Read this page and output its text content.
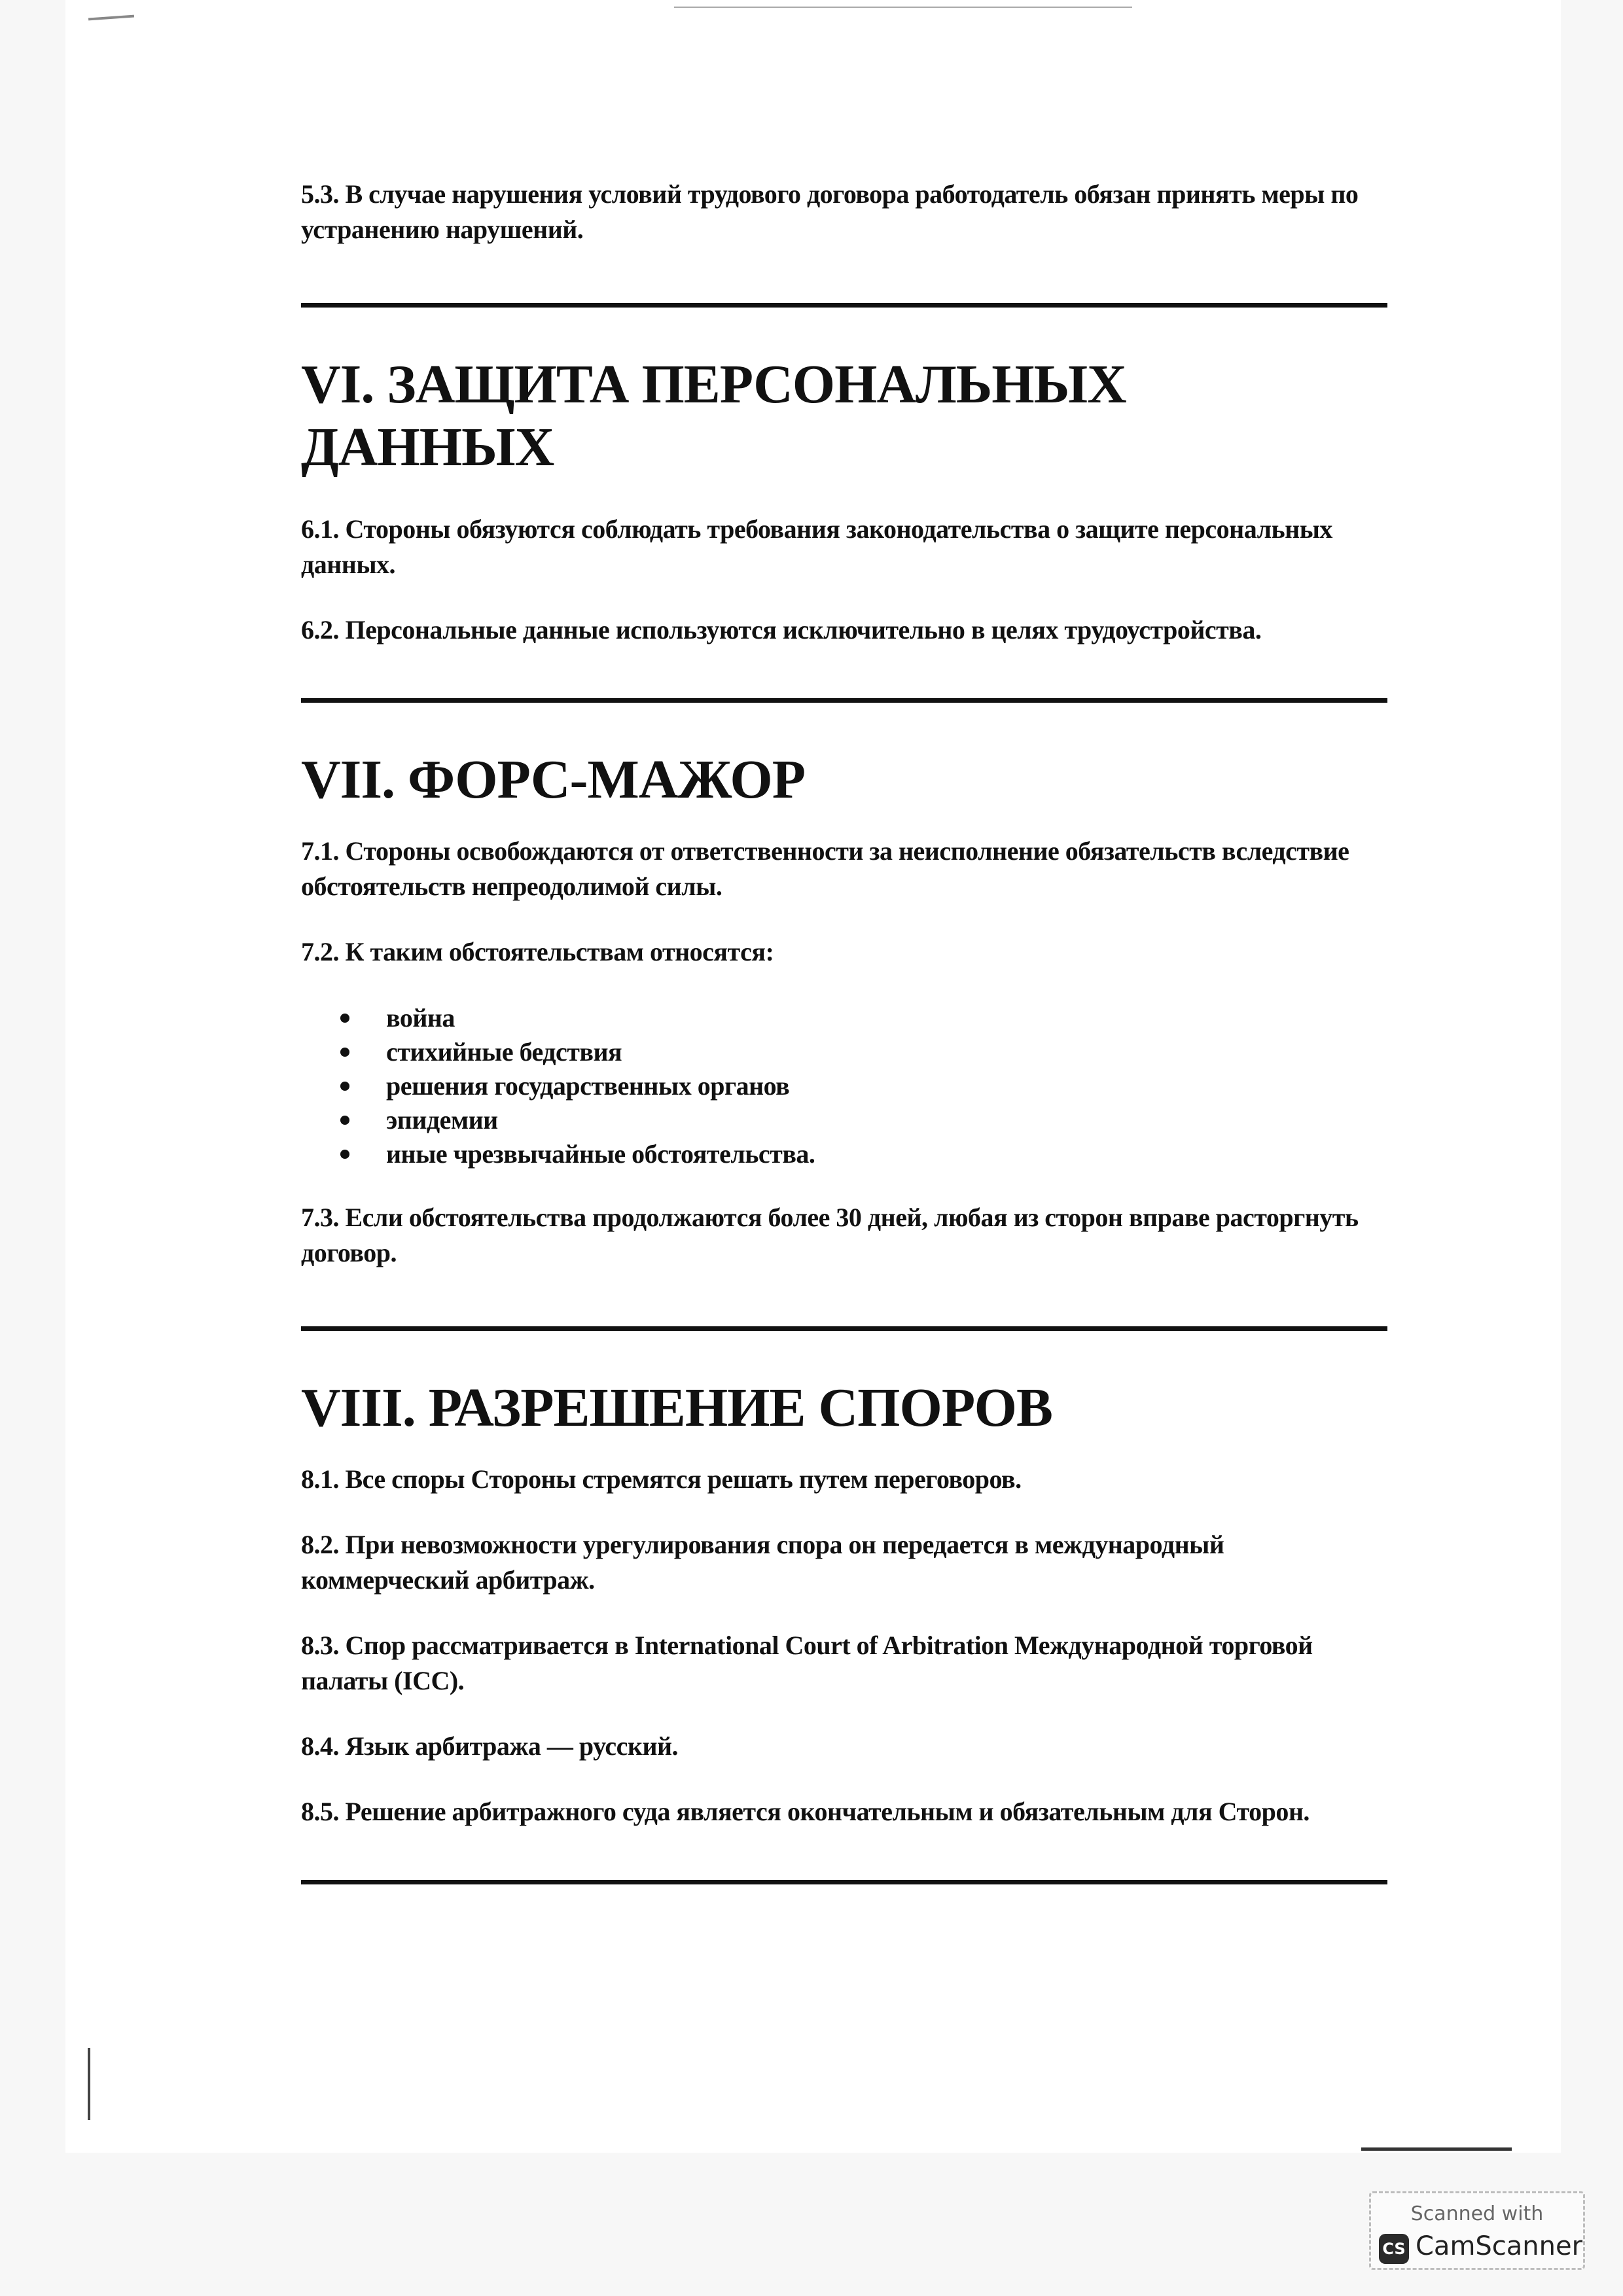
5.3. В случае нарушения условий трудового договора работодатель обязан принять меры по устранению нарушений.

VI. ЗАЩИТА ПЕРСОНАЛЬНЫХ ДАННЫХ

6.1. Стороны обязуются соблюдать требования законодательства о защите персональных данных.

6.2. Персональные данные используются исключительно в целях трудоустройства.

VII. ФОРС-МАЖОР

7.1. Стороны освобождаются от ответственности за неисполнение обязательств вследствие обстоятельств непреодолимой силы.

7.2. К таким обстоятельствам относятся:

война
стихийные бедствия
решения государственных органов
эпидемии
иные чрезвычайные обстоятельства.

7.3. Если обстоятельства продолжаются более 30 дней, любая из сторон вправе расторгнуть договор.

VIII. РАЗРЕШЕНИЕ СПОРОВ

8.1. Все споры Стороны стремятся решать путем переговоров.

8.2. При невозможности урегулирования спора он передается в международный коммерческий арбитраж.

8.3. Спор рассматривается в International Court of Arbitration Международной торговой палаты (ICC).

8.4. Язык арбитража — русский.

8.5. Решение арбитражного суда является окончательным и обязательным для Сторон.

Scanned with
CS CamScanner
